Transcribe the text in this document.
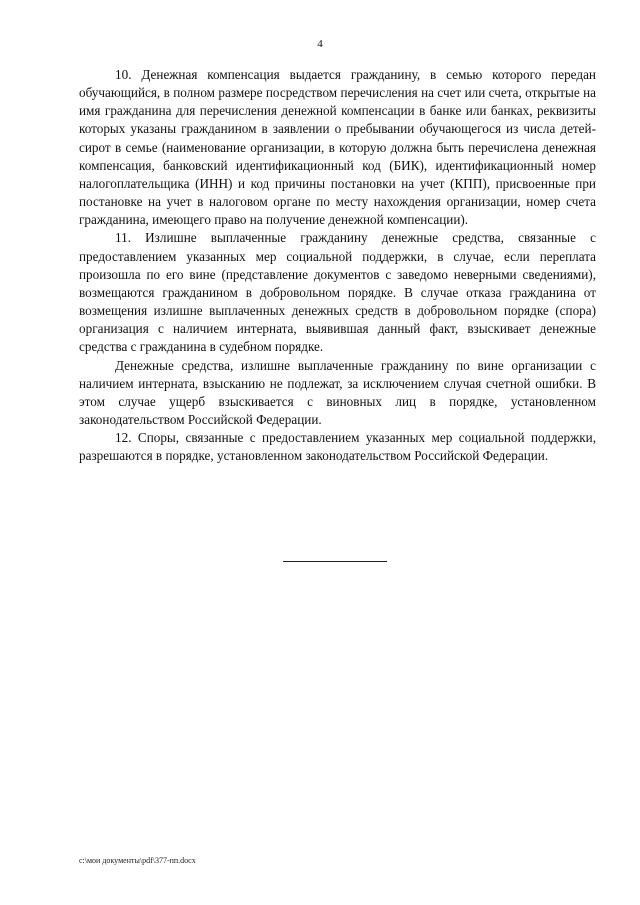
4

10. Денежная компенсация выдается гражданину, в семью которого передан обучающийся, в полном размере посредством перечисления на счет или счета, открытые на имя гражданина для перечисления денежной компенсации в банке или банках, реквизиты которых указаны гражданином в заявлении о пребывании обучающегося из числа детей-сирот в семье (наименование организации, в которую должна быть перечислена денежная компенсация, банковский идентификационный код (БИК), идентификационный номер налогоплательщика (ИНН) и код причины постановки на учет (КПП), присвоенные при постановке на учет в налоговом органе по месту нахождения организации, номер счета гражданина, имеющего право на получение денежной компенсации).

11. Излишне выплаченные гражданину денежные средства, связанные с предоставлением указанных мер социальной поддержки, в случае, если переплата произошла по его вине (представление документов с заведомо неверными сведениями), возмещаются гражданином в добровольном порядке. В случае отказа гражданина от возмещения излишне выплаченных денежных средств в добровольном порядке (спора) организация с наличием интерната, выявившая данный факт, взыскивает денежные средства с гражданина в судебном порядке.

Денежные средства, излишне выплаченные гражданину по вине организации с наличием интерната, взысканию не подлежат, за исключением случая счетной ошибки. В этом случае ущерб взыскивается с виновных лиц в порядке, установленном законодательством Российской Федерации.

12. Споры, связанные с предоставлением указанных мер социальной поддержки, разрешаются в порядке, установленном законодательством Российской Федерации.

c:\мои документы\pdf\377-пп.docx
